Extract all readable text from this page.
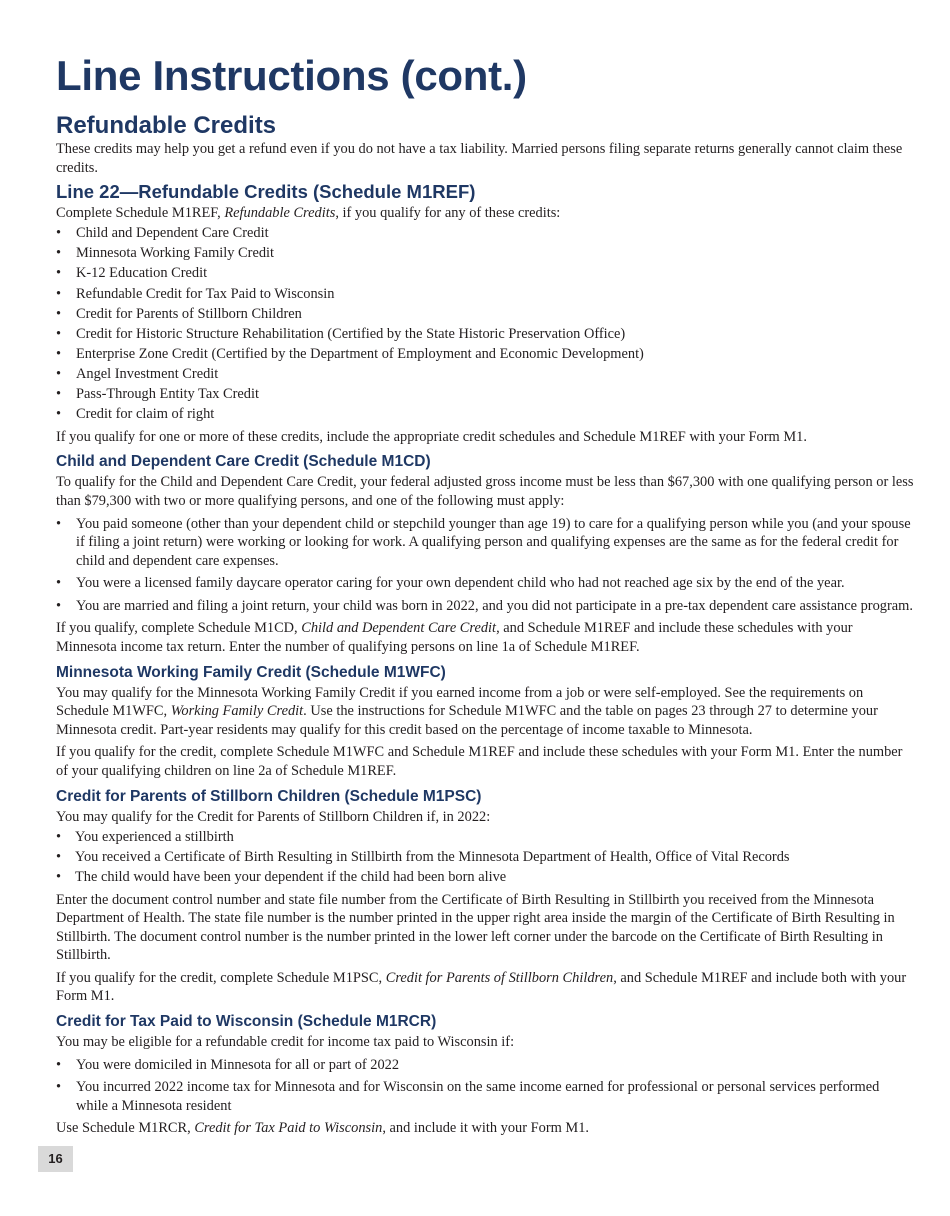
Line Instructions (cont.)
Refundable Credits

These credits may help you get a refund even if you do not have a tax liability. Married persons filing separate returns generally cannot claim these credits.

Line 22—Refundable Credits (Schedule M1REF)

Complete Schedule M1REF, Refundable Credits, if you qualify for any of these credits:

• Child and Dependent Care Credit
• Minnesota Working Family Credit
• K-12 Education Credit
• Refundable Credit for Tax Paid to Wisconsin
• Credit for Parents of Stillborn Children
• Credit for Historic Structure Rehabilitation (Certified by the State Historic Preservation Office)
• Enterprise Zone Credit (Certified by the Department of Employment and Economic Development)
• Angel Investment Credit
• Pass-Through Entity Tax Credit
• Credit for claim of right

If you qualify for one or more of these credits, include the appropriate credit schedules and Schedule M1REF with your Form M1.

Child and Dependent Care Credit (Schedule M1CD)

To qualify for the Child and Dependent Care Credit, your federal adjusted gross income must be less than $67,300 with one qualifying person or less than $79,300 with two or more qualifying persons, and one of the following must apply:

• You paid someone (other than your dependent child or stepchild younger than age 19) to care for a qualifying person while you (and your spouse if filing a joint return) were working or looking for work. A qualifying person and qualifying expenses are the same as for the federal credit for child and dependent care expenses.
• You were a licensed family daycare operator caring for your own dependent child who had not reached age six by the end of the year.
• You are married and filing a joint return, your child was born in 2022, and you did not participate in a pre-tax dependent care assistance program.

If you qualify, complete Schedule M1CD, Child and Dependent Care Credit, and Schedule M1REF and include these schedules with your Minnesota income tax return. Enter the number of qualifying persons on line 1a of Schedule M1REF.

Minnesota Working Family Credit (Schedule M1WFC)

You may qualify for the Minnesota Working Family Credit if you earned income from a job or were self-employed. See the requirements on Schedule M1WFC, Working Family Credit. Use the instructions for Schedule M1WFC and the table on pages 23 through 27 to determine your Minnesota credit. Part-year residents may qualify for this credit based on the percentage of income taxable to Minnesota.

If you qualify for the credit, complete Schedule M1WFC and Schedule M1REF and include these schedules with your Form M1. Enter the number of your qualifying children on line 2a of Schedule M1REF.

Credit for Parents of Stillborn Children (Schedule M1PSC)

You may qualify for the Credit for Parents of Stillborn Children if, in 2022:

• You experienced a stillbirth
• You received a Certificate of Birth Resulting in Stillbirth from the Minnesota Department of Health, Office of Vital Records
• The child would have been your dependent if the child had been born alive

Enter the document control number and state file number from the Certificate of Birth Resulting in Stillbirth you received from the Minnesota Department of Health. The state file number is the number printed in the upper right area inside the margin of the Certificate of Birth Resulting in Stillbirth. The document control number is the number printed in the lower left corner under the barcode on the Certificate of Birth Resulting in Stillbirth.

If you qualify for the credit, complete Schedule M1PSC, Credit for Parents of Stillborn Children, and Schedule M1REF and include both with your Form M1.

Credit for Tax Paid to Wisconsin (Schedule M1RCR)

You may be eligible for a refundable credit for income tax paid to Wisconsin if:

• You were domiciled in Minnesota for all or part of 2022
• You incurred 2022 income tax for Minnesota and for Wisconsin on the same income earned for professional or personal services performed while a Minnesota resident

Use Schedule M1RCR, Credit for Tax Paid to Wisconsin, and include it with your Form M1.

16
